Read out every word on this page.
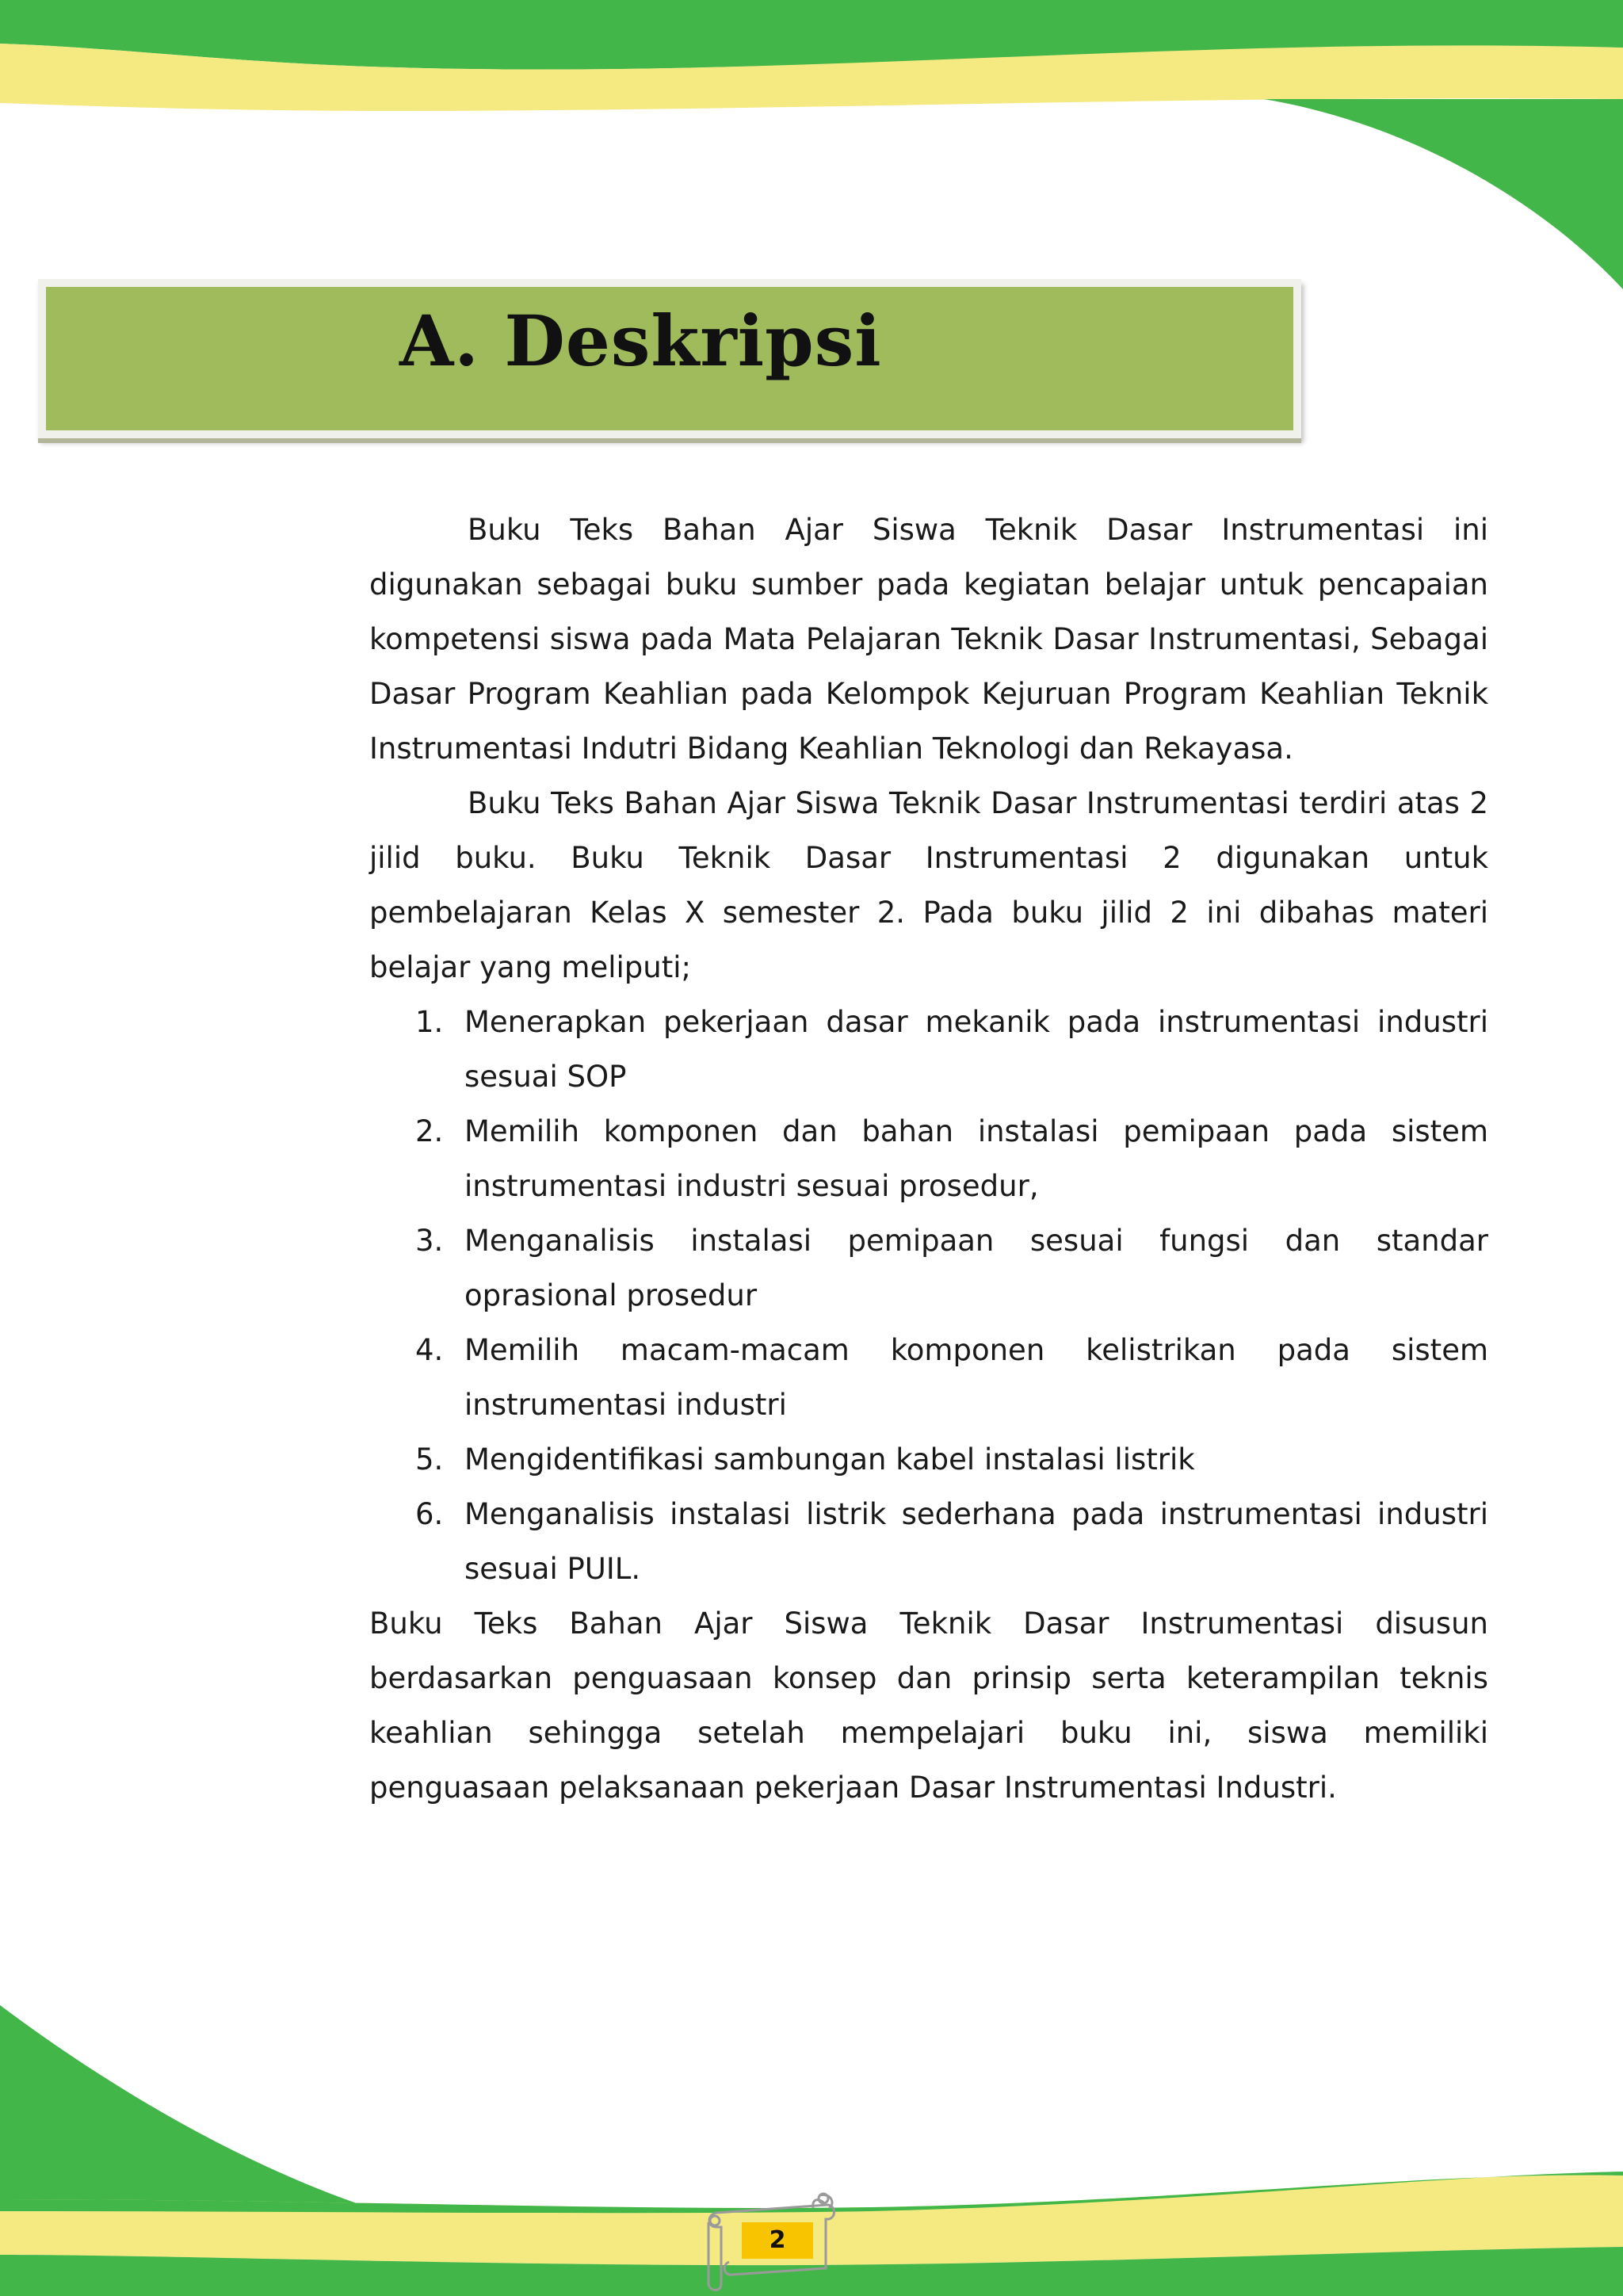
A. Deskripsi

Buku Teks Bahan Ajar Siswa Teknik Dasar Instrumentasi ini digunakan sebagai buku sumber pada kegiatan belajar untuk pencapaian kompetensi siswa pada Mata Pelajaran Teknik Dasar Instrumentasi, Sebagai Dasar Program Keahlian pada Kelompok Kejuruan Program Keahlian Teknik Instrumentasi Indutri Bidang Keahlian Teknologi dan Rekayasa.

Buku Teks Bahan Ajar Siswa Teknik Dasar Instrumentasi terdiri atas 2 jilid buku. Buku Teknik Dasar Instrumentasi 2 digunakan untuk pembelajaran Kelas X semester 2. Pada buku jilid 2 ini dibahas materi belajar yang meliputi;

1. Menerapkan pekerjaan dasar mekanik pada instrumentasi industri sesuai SOP
2. Memilih komponen dan bahan instalasi pemipaan pada sistem instrumentasi industri sesuai prosedur,
3. Menganalisis instalasi pemipaan sesuai fungsi dan standar oprasional prosedur
4. Memilih macam-macam komponen kelistrikan pada sistem instrumentasi industri
5. Mengidentifikasi sambungan kabel instalasi listrik
6. Menganalisis instalasi listrik sederhana pada instrumentasi industri sesuai PUIL.

Buku Teks Bahan Ajar Siswa Teknik Dasar Instrumentasi disusun berdasarkan penguasaan konsep dan prinsip serta keterampilan teknis keahlian sehingga setelah mempelajari buku ini, siswa memiliki penguasaan pelaksanaan pekerjaan Dasar Instrumentasi Industri.

2
